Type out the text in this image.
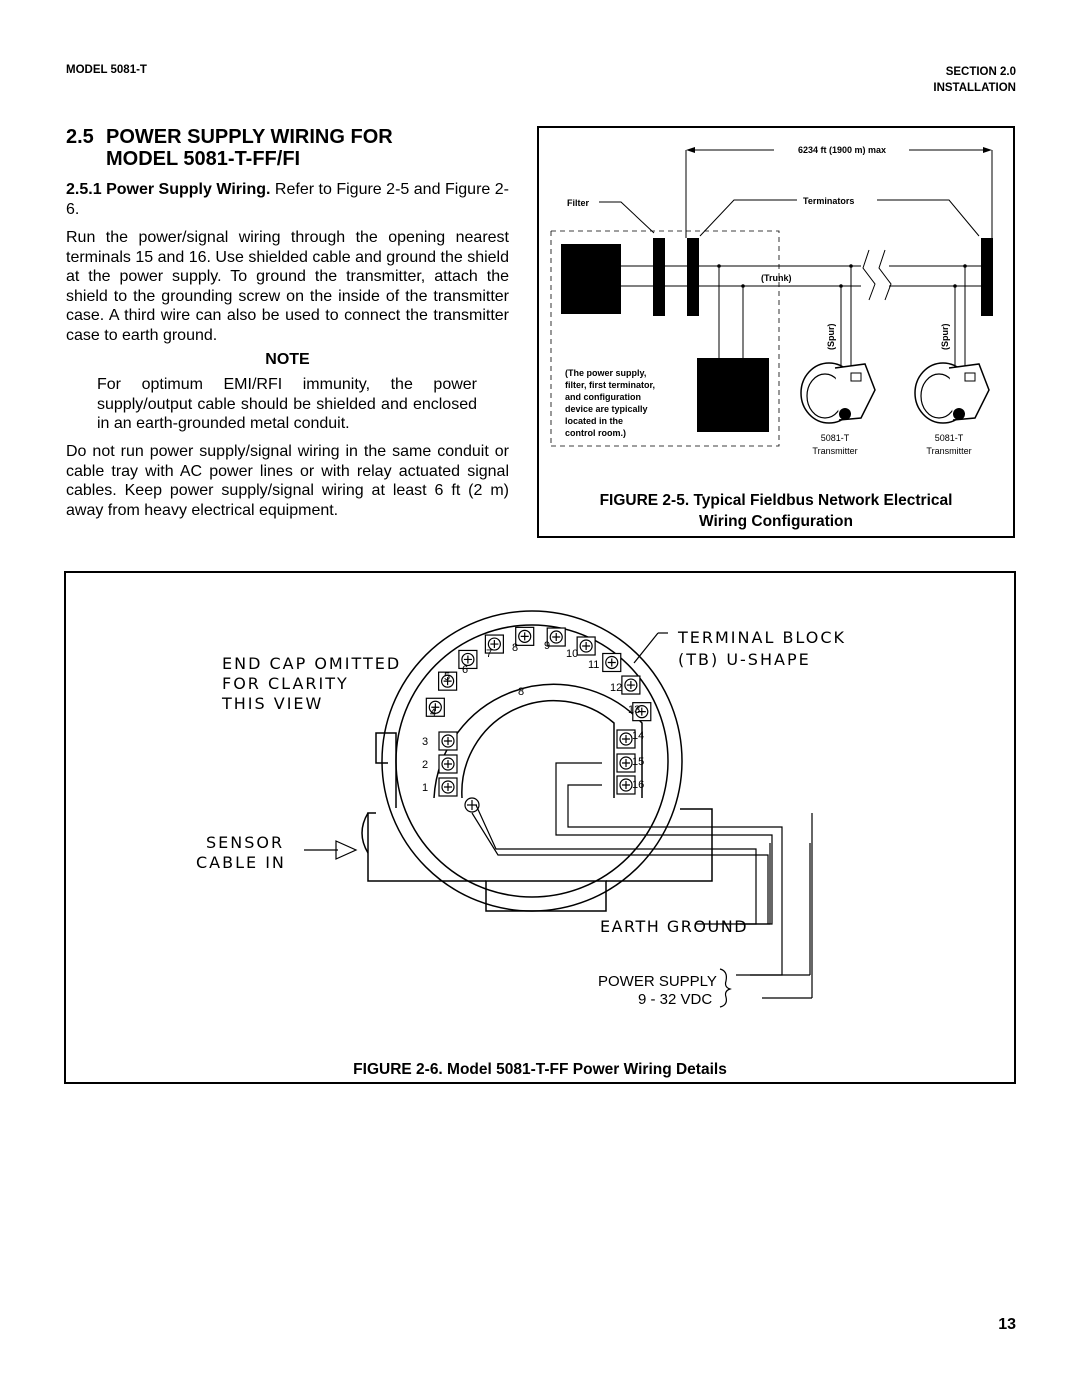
MODEL 5081-T	SECTION 2.0
INSTALLATION
2.5 POWER SUPPLY WIRING FOR
MODEL 5081-T-FF/FI
2.5.1 Power Supply Wiring. Refer to Figure 2-5 and Figure 2-6.
Run the power/signal wiring through the opening nearest terminals 15 and 16. Use shielded cable and ground the shield at the power supply. To ground the transmitter, attach the shield to the grounding screw on the inside of the transmitter case. A third wire can also be used to connect the transmitter case to earth ground.
NOTE
For optimum EMI/RFI immunity, the power supply/output cable should be shielded and enclosed in an earth-grounded metal conduit.
Do not run power supply/signal wiring in the same conduit or cable tray with AC power lines or with relay actuated signal cables. Keep power supply/signal wiring at least 6 ft (2 m) away from heavy electrical equipment.
6234 ft (1900 m) max
Filter	Terminators
(Trunk)
(Spur)	(Spur)
5081-T
Transmitter
5081-T
Transmitter
(The power supply, filter, first terminator, and configuration device are typically located in the control room.)
FIGURE 2-5. Typical Fieldbus Network Electrical
Wiring Configuration
1
2
3
4
5
6
7 8 9
10
11
12
13
14
15
16
8
END CAP OMITTED FOR CLARITY THIS VIEW
TERMINAL BLOCK (TB) U-SHAPE
SENSOR CABLE IN
EARTH GROUND
POWER SUPPLY 9 - 32 VDC
FIGURE 2-6. Model 5081-T-FF Power Wiring Details
13
